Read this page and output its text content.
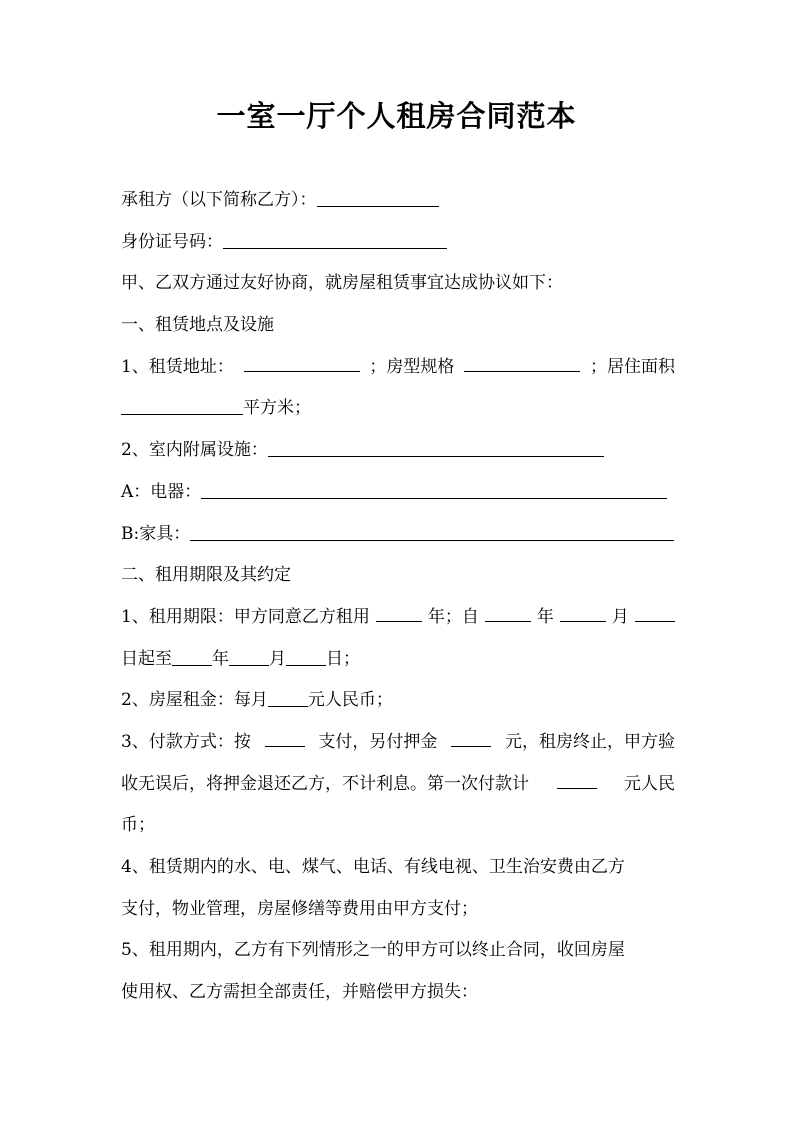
一室一厅个人租房合同范本
承租方（以下简称乙方）：
身份证号码：
甲、乙双方通过友好协商，就房屋租赁事宜达成协议如下：
一、租赁地点及设施
1、租赁地址：	；房型规格	；居住面积
平方米；
2、室内附属设施：
A：电器：
B:家具：
二、租用期限及其约定
1、租用期限：甲方同意乙方租用	年；自	年	月
日起至 年 月 日；
2、房屋租金：每月 元人民币；
3、付款方式：按	支付，另付押金	元，租房终止，甲方验
收无误后，将押金退还乙方，不计利息。第一次付款计	元人民
币；
4、租赁期内的水、电、煤气、电话、有线电视、卫生治安费由乙方
支付，物业管理，房屋修缮等费用由甲方支付；
5、租用期内，乙方有下列情形之一的甲方可以终止合同，收回房屋
使用权、乙方需担全部责任，并赔偿甲方损失：
